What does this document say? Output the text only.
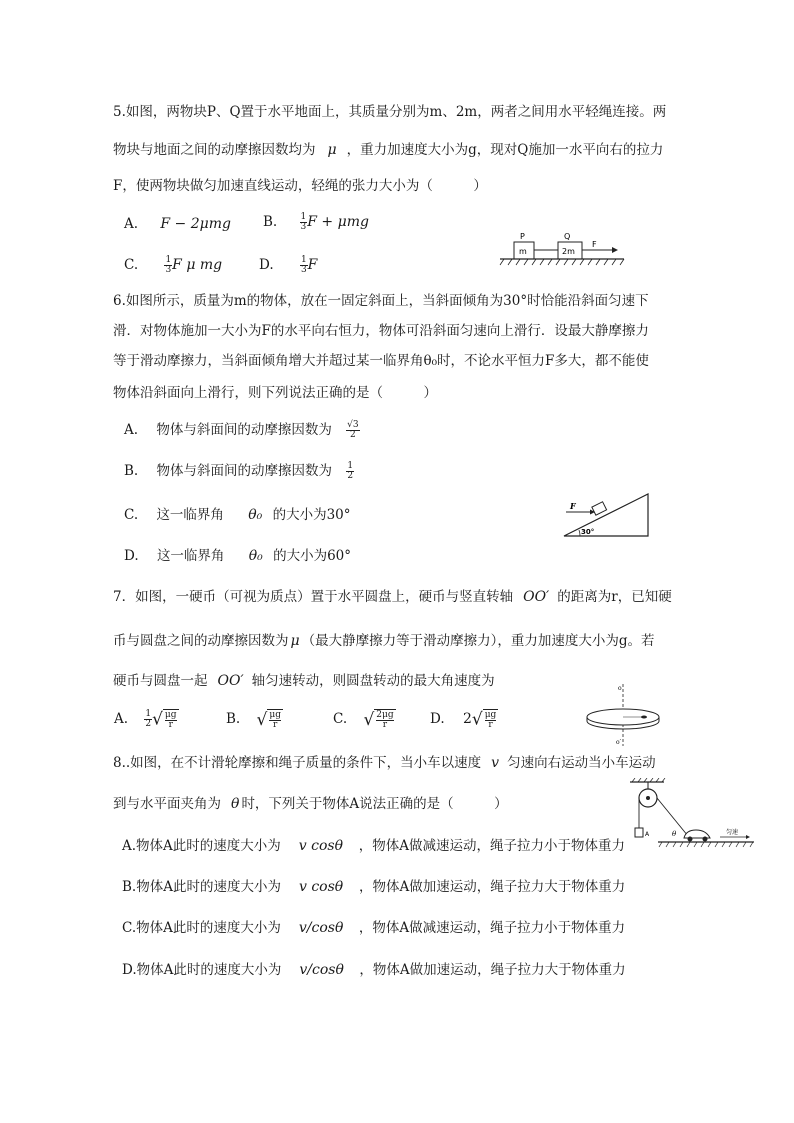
5.如图，两物块P、Q置于水平地面上，其质量分别为m、2m，两者之间用水平轻绳连接。两
物块与地面之间的动摩擦因数均为 μ ，重力加速度大小为g，现对Q施加一水平向右的拉力
F，使两物块做匀加速直线运动，轻绳的张力大小为（　　　）
A. F − 2μmg B. $\frac{1}{3}$ F + μmg
C.	$\frac{1}{3}$ F μ mg	D.	$\frac{1}{3}$ F
P	Q
m	2m
F
6.如图所示，质量为m的物体，放在一固定斜面上，当斜面倾角为30°时恰能沿斜面匀速下
滑．对物体施加一大小为F的水平向右恒力，物体可沿斜面匀速向上滑行．设最大静摩擦力
等于滑动摩擦力，当斜面倾角增大并超过某一临界角θ₀时，不论水平恒力F多大，都不能使
物体沿斜面向上滑行，则下列说法正确的是（　　　）
A. 物体与斜面间的动摩擦因数为 $\frac{√3}{2}$
B. 物体与斜面间的动摩擦因数为 $\frac{1}{2}$
C. 这一临界角 θ₀ 的大小为30°
D. 这一临界角 θ₀ 的大小为60°
F
30°
7．如图，一硬币（可视为质点）置于水平圆盘上，硬币与竖直转轴 OO′ 的距离为r，已知硬
币与圆盘之间的动摩擦因数为 μ （最大静摩擦力等于滑动摩擦力），重力加速度大小为g。若
硬币与圆盘一起 OO′ 轴匀速转动，则圆盘转动的最大角速度为
A. $\frac{1}{2}$ √ $\frac{\mu g}{r}$	B. √ $\frac{\mu g}{r}$	C. √ $\frac{2\mu g}{r}$	D. $2√ \frac{\mu g}{r}$
o
o′
8..如图，在不计滑轮摩擦和绳子质量的条件下，当小车以速度 v 匀速向右运动当小车运动
到与水平面夹角为 θ 时，下列关于物体A说法正确的是（　　　）
A.物体A此时的速度大小为 v cosθ ，物体A做减速运动，绳子拉力小于物体重力
B.物体A此时的速度大小为 v cosθ ，物体A做加速运动，绳子拉力大于物体重力
C.物体A此时的速度大小为 v/cosθ ，物体A做减速运动，绳子拉力小于物体重力
D.物体A此时的速度大小为 v/cosθ ，物体A做加速运动，绳子拉力大于物体重力
A	θ	匀速
